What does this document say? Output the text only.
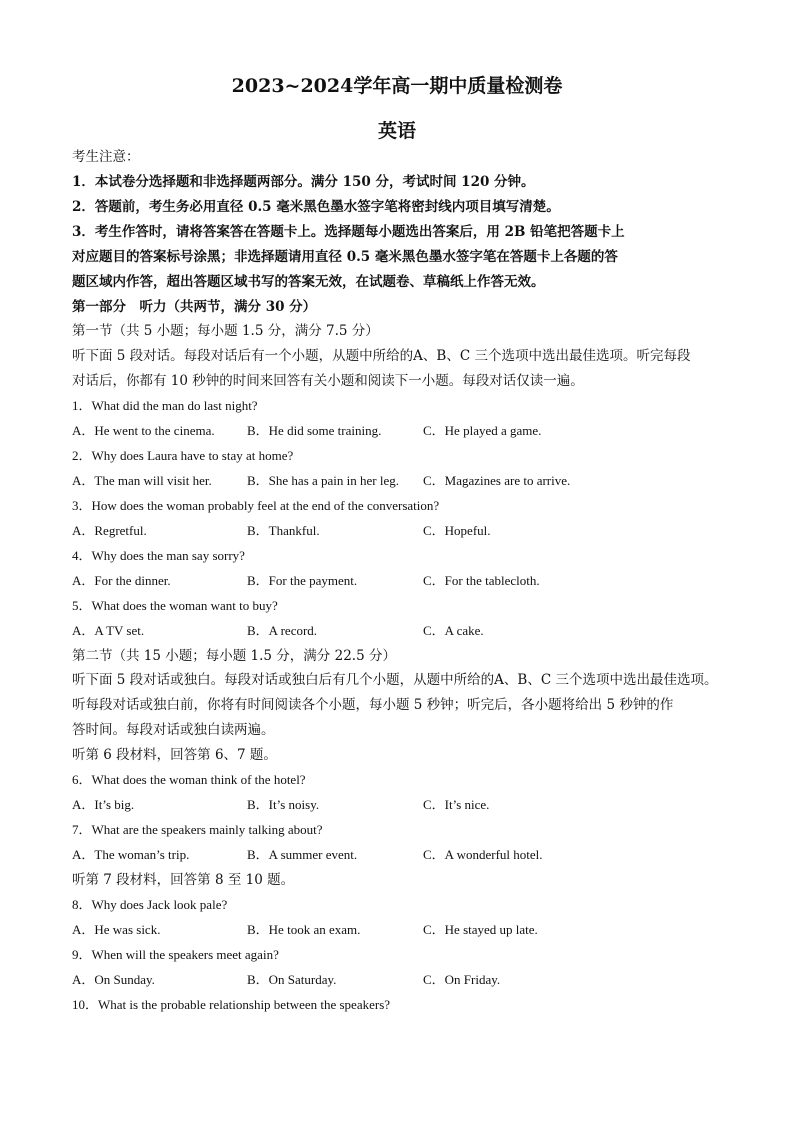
2023~2024学年高一期中质量检测卷
英语
考生注意：
1．本试卷分选择题和非选择题两部分。满分 150 分，考试时间 120 分钟。
2．答题前，考生务必用直径 0.5 毫米黑色墨水签字笔将密封线内项目填写清楚。
3．考生作答时，请将答案答在答题卡上。选择题每小题选出答案后，用 2B 铅笔把答题卡上
对应题目的答案标号涂黑；非选择题请用直径 0.5 毫米黑色墨水签字笔在答题卡上各题的答
题区域内作答，超出答题区域书写的答案无效，在试题卷、草稿纸上作答无效。
第一部分　听力（共两节，满分 30 分）
第一节（共 5 小题；每小题 1.5 分，满分 7.5 分）
听下面 5 段对话。每段对话后有一个小题，从题中所给的A、B、C 三个选项中选出最佳选项。听完每段
对话后，你都有 10 秒钟的时间来回答有关小题和阅读下一小题。每段对话仅读一遍。
1．What did the man do last night?
A．He went to the cinema. B．He did some training.	C．He played a game.
2．Why does Laura have to stay at home?
A．The man will visit her.	B．She has a pain in her leg. C．Magazines are to arrive.
3．How does the woman probably feel at the end of the conversation?
A．Regretful.	B．Thankful.	C．Hopeful.
4．Why does the man say sorry?
A．For the dinner.	B．For the payment.	C．For the tablecloth.
5．What does the woman want to buy?
A．A TV set.	B．A record.	C．A cake.
第二节（共 15 小题；每小题 1.5 分，满分 22.5 分）
听下面 5 段对话或独白。每段对话或独白后有几个小题，从题中所给的A、B、C 三个选项中选出最佳选项。
听每段对话或独白前，你将有时间阅读各个小题，每小题 5 秒钟；听完后，各小题将给出 5 秒钟的作
答时间。每段对话或独白读两遍。
听第 6 段材料，回答第 6、7 题。
6．What does the woman think of the hotel?
A．It’s big.	B．It’s noisy.	C．It’s nice.
7．What are the speakers mainly talking about?
A．The woman’s trip.	B．A summer event.	C．A wonderful hotel.
听第 7 段材料，回答第 8 至 10 题。
8．Why does Jack look pale?
A．He was sick.	B．He took an exam.	C．He stayed up late.
9．When will the speakers meet again?
A．On Sunday.	B．On Saturday.	C．On Friday.
10．What is the probable relationship between the speakers?
